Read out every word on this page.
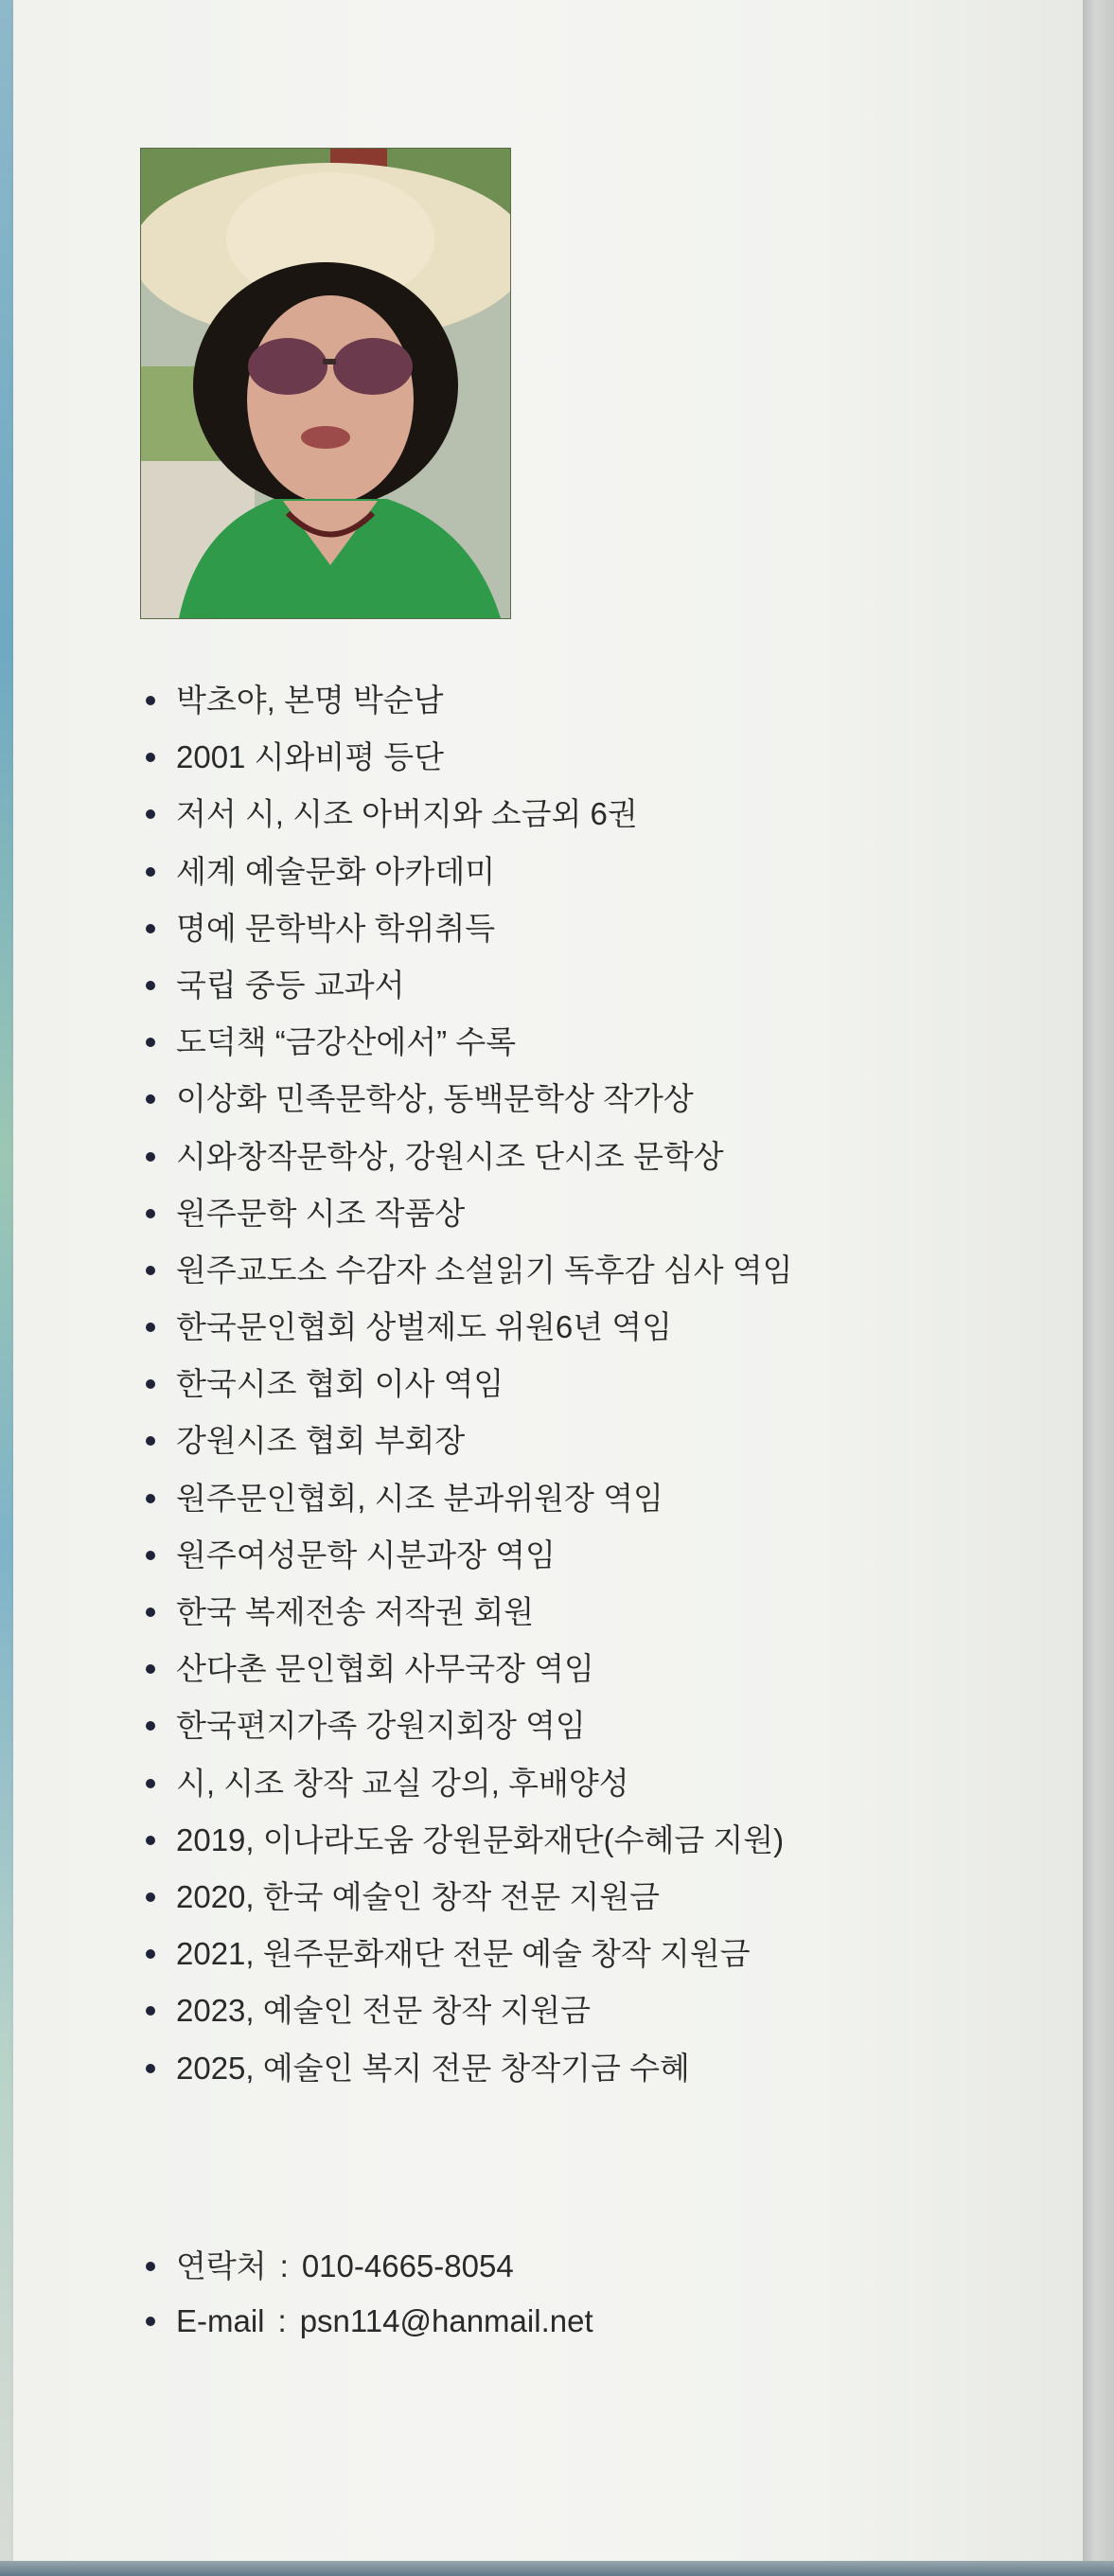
박초야, 본명 박순남
2001 시와비평 등단
저서 시, 시조 아버지와 소금외 6권
세계 예술문화 아카데미
명예 문학박사 학위취득
국립 중등 교과서
도덕책 “금강산에서” 수록
이상화 민족문학상, 동백문학상 작가상
시와창작문학상, 강원시조 단시조 문학상
원주문학 시조 작품상
원주교도소 수감자 소설읽기 독후감 심사 역임
한국문인협회 상벌제도 위원6년 역임
한국시조 협회 이사 역임
강원시조 협회 부회장
원주문인협회, 시조 분과위원장 역임
원주여성문학 시분과장 역임
한국 복제전송 저작권 회원
산다촌 문인협회 사무국장 역임
한국편지가족 강원지회장 역임
시, 시조 창작 교실 강의, 후배양성
2019, 이나라도움 강원문화재단(수혜금 지원)
2020, 한국 예술인 창작 전문 지원금
2021, 원주문화재단 전문 예술 창작 지원금
2023, 예술인 전문 창작 지원금
2025, 예술인 복지 전문 창작기금 수혜
연락처 : 010-4665-8054
E-mail : psn114@hanmail.net
